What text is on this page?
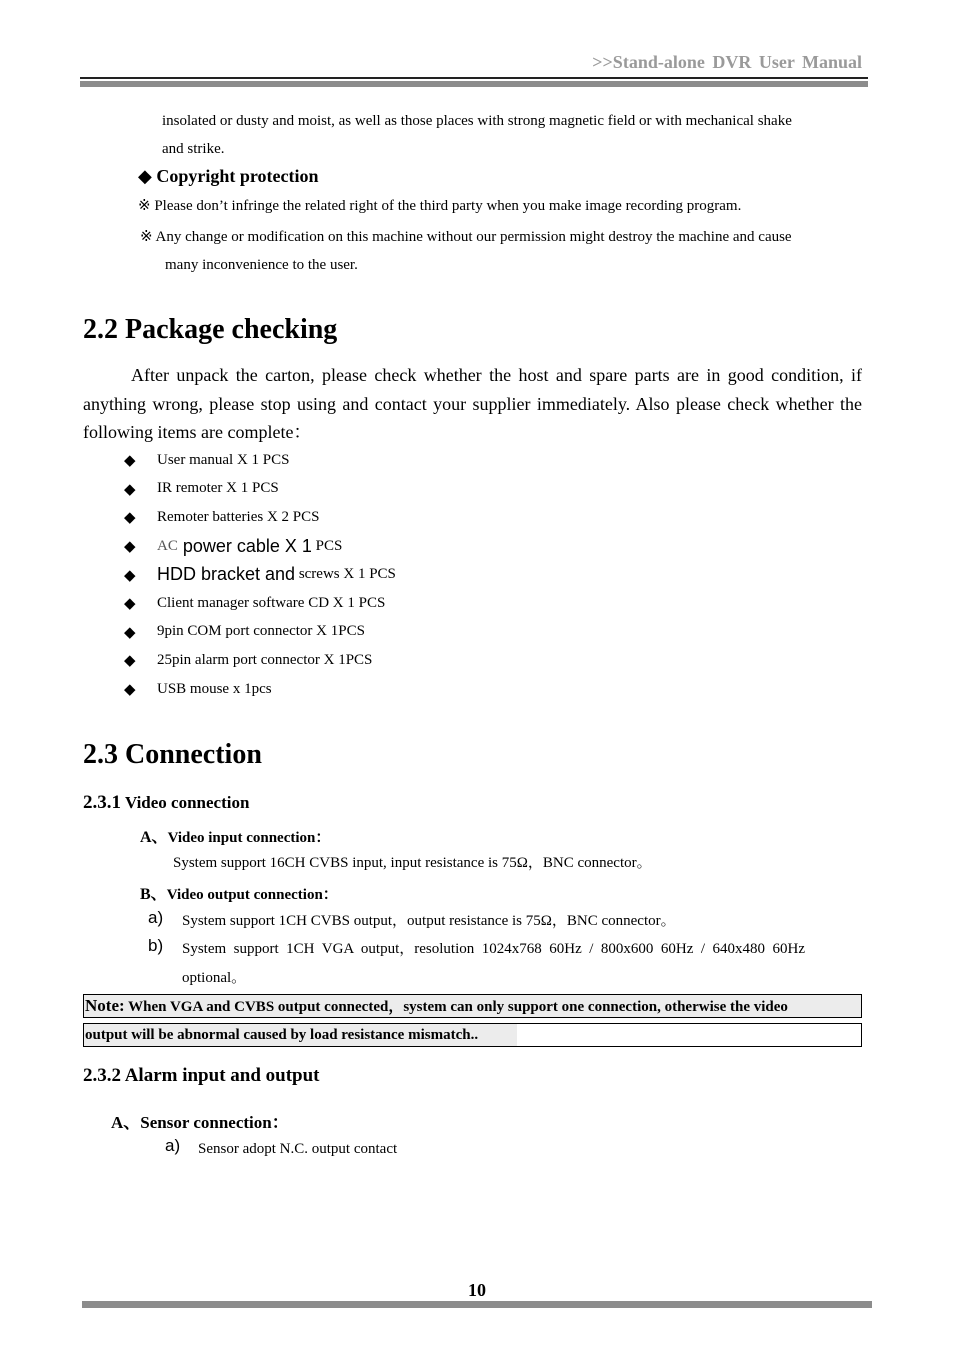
>>Stand-alone DVR User Manual
insolated or dusty and moist, as well as those places with strong magnetic field or with mechanical shake
and strike.
◆ Copyright protection
※ Please don’t infringe the related right of the third party when you make image recording program.
※ Any change or modification on this machine without our permission might destroy the machine and cause
many inconvenience to the user.
2.2 Package checking
After unpack the carton, please check whether the host and spare parts are in good condition, if anything wrong, please stop using and contact your supplier immediately. Also please check whether the following items are complete：
◆	User manual X 1 PCS
◆	IR remoter X 1 PCS
◆	Remoter batteries X 2 PCS
◆	AC power cable X 1 PCS
◆	HDD bracket and screws X 1 PCS
◆	Client manager software CD X 1 PCS
◆	9pin COM port connector X 1PCS
◆	25pin alarm port connector X 1PCS
◆	USB mouse x 1pcs
2.3 Connection
2.3.1 Video connection
A、Video input connection：
System support 16CH CVBS input, input resistance is 75Ω，BNC connector。
B、Video output connection：
a) System support 1CH CVBS output，output resistance is 75Ω，BNC connector。
b) System  support  1CH  VGA  output，resolution  1024x768  60Hz  /  800x600  60Hz  /  640x480  60Hz
optional。
Note: When VGA and CVBS output connected，system can only support one connection, otherwise the video
output will be abnormal caused by load resistance mismatch..
2.3.2 Alarm input and output
A、Sensor connection：
a) Sensor adopt N.C. output contact
10
